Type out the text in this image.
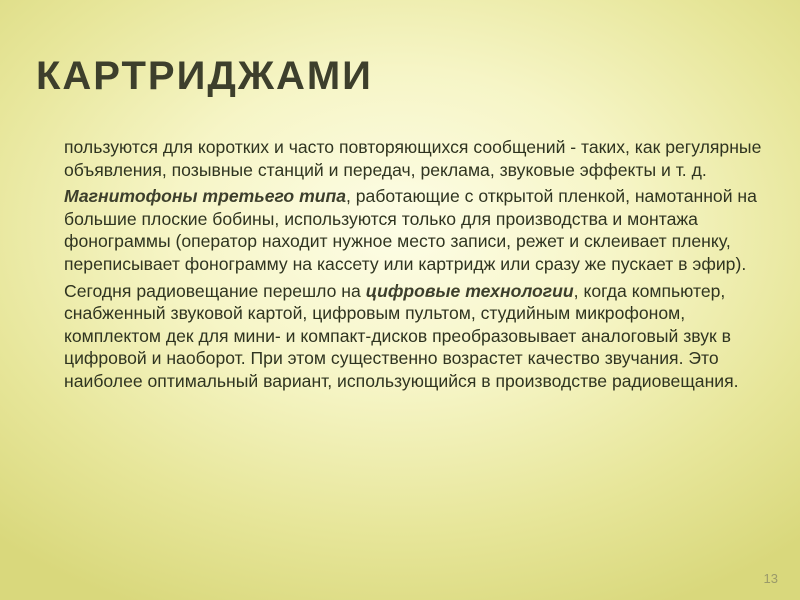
КАРТРИДЖАМИ
пользуются для коротких и часто повторяющихся сообщений - таких, как регулярные объявления, позывные станций и передач, реклама, звуковые эффекты и т. д.
Магнитофоны третьего типа, работающие с открытой пленкой, намотанной на большие плоские бобины, используются только для производства и монтажа фонограммы (оператор находит нужное место записи, режет и склеивает пленку, переписывает фонограмму на кассету или картридж или сразу же пускает в эфир).
Сегодня радиовещание перешло на цифровые технологии, когда компьютер, снабженный звуковой картой, цифровым пультом, студийным микрофоном, комплектом дек для мини- и компакт-дисков преобразовывает аналоговый звук в цифровой и наоборот. При этом существенно возрастет качество звучания. Это наиболее оптимальный вариант, использующийся в производстве радиовещания.
13
